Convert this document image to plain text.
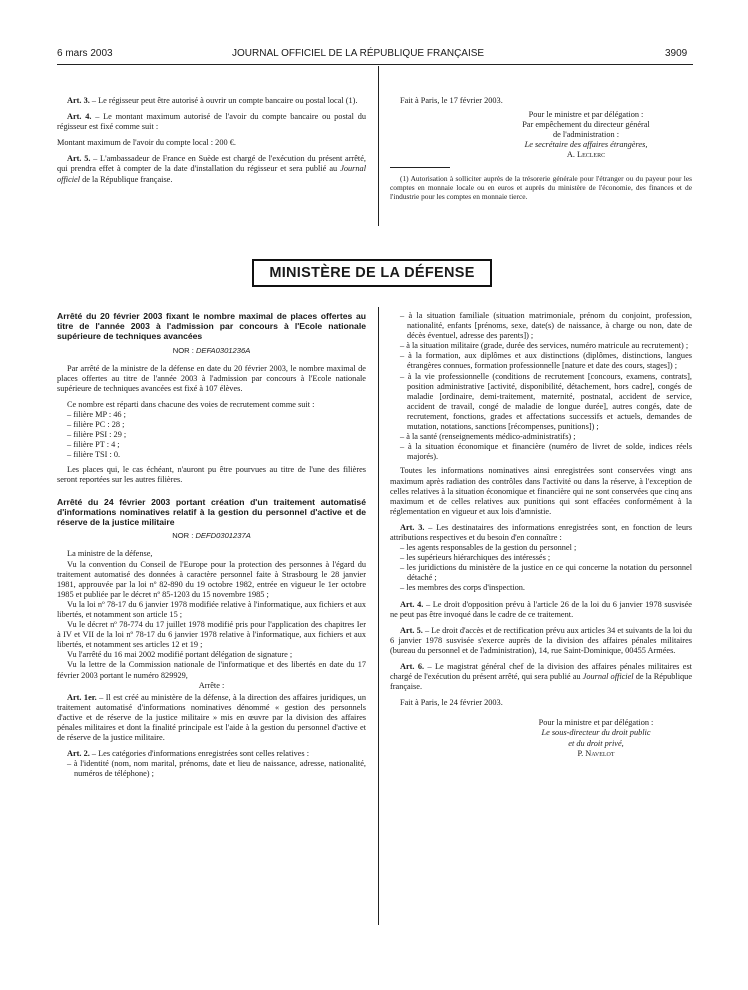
6 mars 2003	JOURNAL OFFICIEL DE LA RÉPUBLIQUE FRANÇAISE	3909

Art. 3. – Le régisseur peut être autorisé à ouvrir un compte bancaire ou postal local (1).

Art. 4. – Le montant maximum autorisé de l'avoir du compte bancaire ou postal du régisseur est fixé comme suit :

Montant maximum de l'avoir du compte local : 200 €.

Art. 5. – L'ambassadeur de France en Suède est chargé de l'exécution du présent arrêté, qui prendra effet à compter de la date d'installation du régisseur et sera publié au Journal officiel de la République française.

Fait à Paris, le 17 février 2003.

Pour le ministre et par délégation :
Par empêchement du directeur général
de l'administration :
Le secrétaire des affaires étrangères,
A. Leclerc

(1) Autorisation à solliciter auprès de la trésorerie générale pour l'étranger ou du payeur pour les comptes en monnaie locale ou en euros et auprès du ministère de l'économie, des finances et de l'industrie pour les comptes en monnaie tierce.

MINISTÈRE DE LA DÉFENSE
Arrêté du 20 février 2003 fixant le nombre maximal de places offertes au titre de l'année 2003 à l'admission par concours à l'Ecole nationale supérieure de techniques avancées
NOR : DEFA0301236A

Par arrêté de la ministre de la défense en date du 20 février 2003, le nombre maximal de places offertes au titre de l'année 2003 à l'admission par concours à l'Ecole nationale supérieure de techniques avancées est fixé à 107 élèves.

Ce nombre est réparti dans chacune des voies de recrutement comme suit :

– filière MP : 46 ;
– filière PC : 28 ;
– filière PSI : 29 ;
– filière PT : 4 ;
– filière TSI : 0.

Les places qui, le cas échéant, n'auront pu être pourvues au titre de l'une des filières seront reportées sur les autres filières.

Arrêté du 24 février 2003 portant création d'un traitement automatisé d'informations nominatives relatif à la gestion du personnel d'active et de réserve de la justice militaire
NOR : DEFD0301237A

La ministre de la défense,

Vu la convention du Conseil de l'Europe pour la protection des personnes à l'égard du traitement automatisé des données à caractère personnel faite à Strasbourg le 28 janvier 1981, approuvée par la loi nº 82-890 du 19 octobre 1982, entrée en vigueur le 1er octobre 1985 et publiée par le décret nº 85-1203 du 15 novembre 1985 ;

Vu la loi nº 78-17 du 6 janvier 1978 modifiée relative à l'informatique, aux fichiers et aux libertés, et notamment son article 15 ;

Vu le décret nº 78-774 du 17 juillet 1978 modifié pris pour l'application des chapitres Ier à IV et VII de la loi nº 78-17 du 6 janvier 1978 relative à l'informatique, aux fichiers et aux libertés, et notamment ses articles 12 et 19 ;

Vu l'arrêté du 16 mai 2002 modifié portant délégation de signature ;

Vu la lettre de la Commission nationale de l'informatique et des libertés en date du 17 février 2003 portant le numéro 829929,

Arrête :

Art. 1er. – Il est créé au ministère de la défense, à la direction des affaires juridiques, un traitement automatisé d'informations nominatives dénommé « gestion des personnels d'active et de réserve de la justice militaire » mis en œuvre par la division des affaires pénales militaires et dont la finalité principale est l'aide à la gestion du personnel d'active et de réserve de la justice militaire.

Art. 2. – Les catégories d'informations enregistrées sont celles relatives :

– à l'identité (nom, nom marital, prénoms, date et lieu de naissance, adresse, nationalité, numéros de téléphone) ;
– à la situation familiale (situation matrimoniale, prénom du conjoint, profession, nationalité, enfants [prénoms, sexe, date(s) de naissance, à charge ou non, date de décès éventuel, adresse des parents]) ;
– à la situation militaire (grade, durée des services, numéro matricule au recrutement) ;
– à la formation, aux diplômes et aux distinctions (diplômes, distinctions, langues étrangères connues, formation professionnelle [nature et date des cours, stages]) ;
– à la vie professionnelle (conditions de recrutement [concours, examens, contrats], position administrative [activité, disponibilité, détachement, hors cadre], congés de maladie [ordinaire, demi-traitement, maternité, postnatal, accident de service, accident de travail, congé de maladie de longue durée], autres congés, date de recrutement, fonctions, grades et affectations successifs et actuels, demandes de mutation, notations, sanctions [récompenses, punitions]) ;
– à la santé (renseignements médico-administratifs) ;
– à la situation économique et financière (numéro de livret de solde, indices réels majorés).

Toutes les informations nominatives ainsi enregistrées sont conservées vingt ans maximum après radiation des contrôles dans l'activité ou dans la réserve, à l'exception de celles relatives à la situation économique et financière qui ne sont conservées que cinq ans maximum et de celles relatives aux punitions qui sont effacées conformément à la réglementation en vigueur et aux lois d'amnistie.

Art. 3. – Les destinataires des informations enregistrées sont, en fonction de leurs attributions respectives et du besoin d'en connaître :

– les agents responsables de la gestion du personnel ;
– les supérieurs hiérarchiques des intéressés ;
– les juridictions du ministère de la justice en ce qui concerne la notation du personnel détaché ;
– les membres des corps d'inspection.

Art. 4. – Le droit d'opposition prévu à l'article 26 de la loi du 6 janvier 1978 susvisée ne peut pas être invoqué dans le cadre de ce traitement.

Art. 5. – Le droit d'accès et de rectification prévu aux articles 34 et suivants de la loi du 6 janvier 1978 susvisée s'exerce auprès de la division des affaires pénales militaires (bureau du personnel et de l'administration), 14, rue Saint-Dominique, 00455 Armées.

Art. 6. – Le magistrat général chef de la division des affaires pénales militaires est chargé de l'exécution du présent arrêté, qui sera publié au Journal officiel de la République française.

Fait à Paris, le 24 février 2003.

Pour la ministre et par délégation :
Le sous-directeur du droit public
et du droit privé,
P. Navelot
